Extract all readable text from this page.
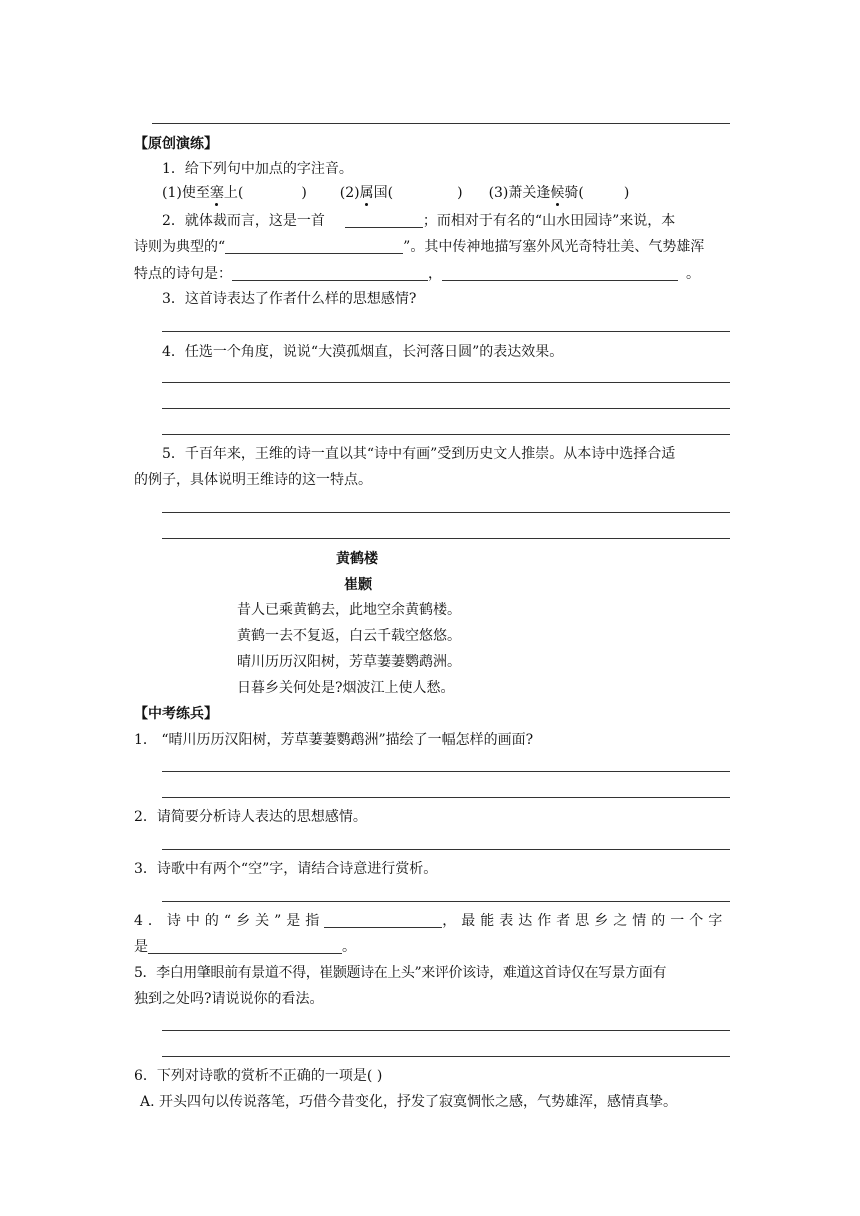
【原创演练】
1．给下列句中加点的字注音。
(1)使至塞上(	) (2)属国(	) (3)萧关逢候骑(	)
2．就体裁而言，这是一首	；而相对于有名的“山水田园诗”来说，本
诗则为典型的“	”。其中传神地描写塞外风光奇特壮美、气势雄浑
特点的诗句是：	，	。
3．这首诗表达了作者什么样的思想感情?
4．任选一个角度，说说“大漠孤烟直，长河落日圆”的表达效果。
5．千百年来，王维的诗一直以其“诗中有画”受到历史文人推崇。从本诗中选择合适
的例子，具体说明王维诗的这一特点。
黄鹤楼
崔颢
昔人已乘黄鹤去，此地空余黄鹤楼。
黄鹤一去不复返，白云千载空悠悠。
晴川历历汉阳树，芳草萋萋鹦鹉洲。
日暮乡关何处是?烟波江上使人愁。
【中考练兵】
1． “晴川历历汉阳树，芳草萋萋鹦鹉洲”描绘了一幅怎样的画面?
2．请简要分析诗人表达的思想感情。
3．诗歌中有两个“空”字，请结合诗意进行赏析。
4．诗中的“乡关”是指	，最能表达作者思乡之情的一个字
是	。
5．李白用肇眼前有景道不得，崔颢题诗在上头”来评价该诗，难道这首诗仅在写景方面有
独到之处吗?请说说你的看法。
6．下列对诗歌的赏析不正确的一项是( )
A. 开头四句以传说落笔，巧借今昔变化，抒发了寂寞惆怅之感，气势雄浑，感情真挚。
